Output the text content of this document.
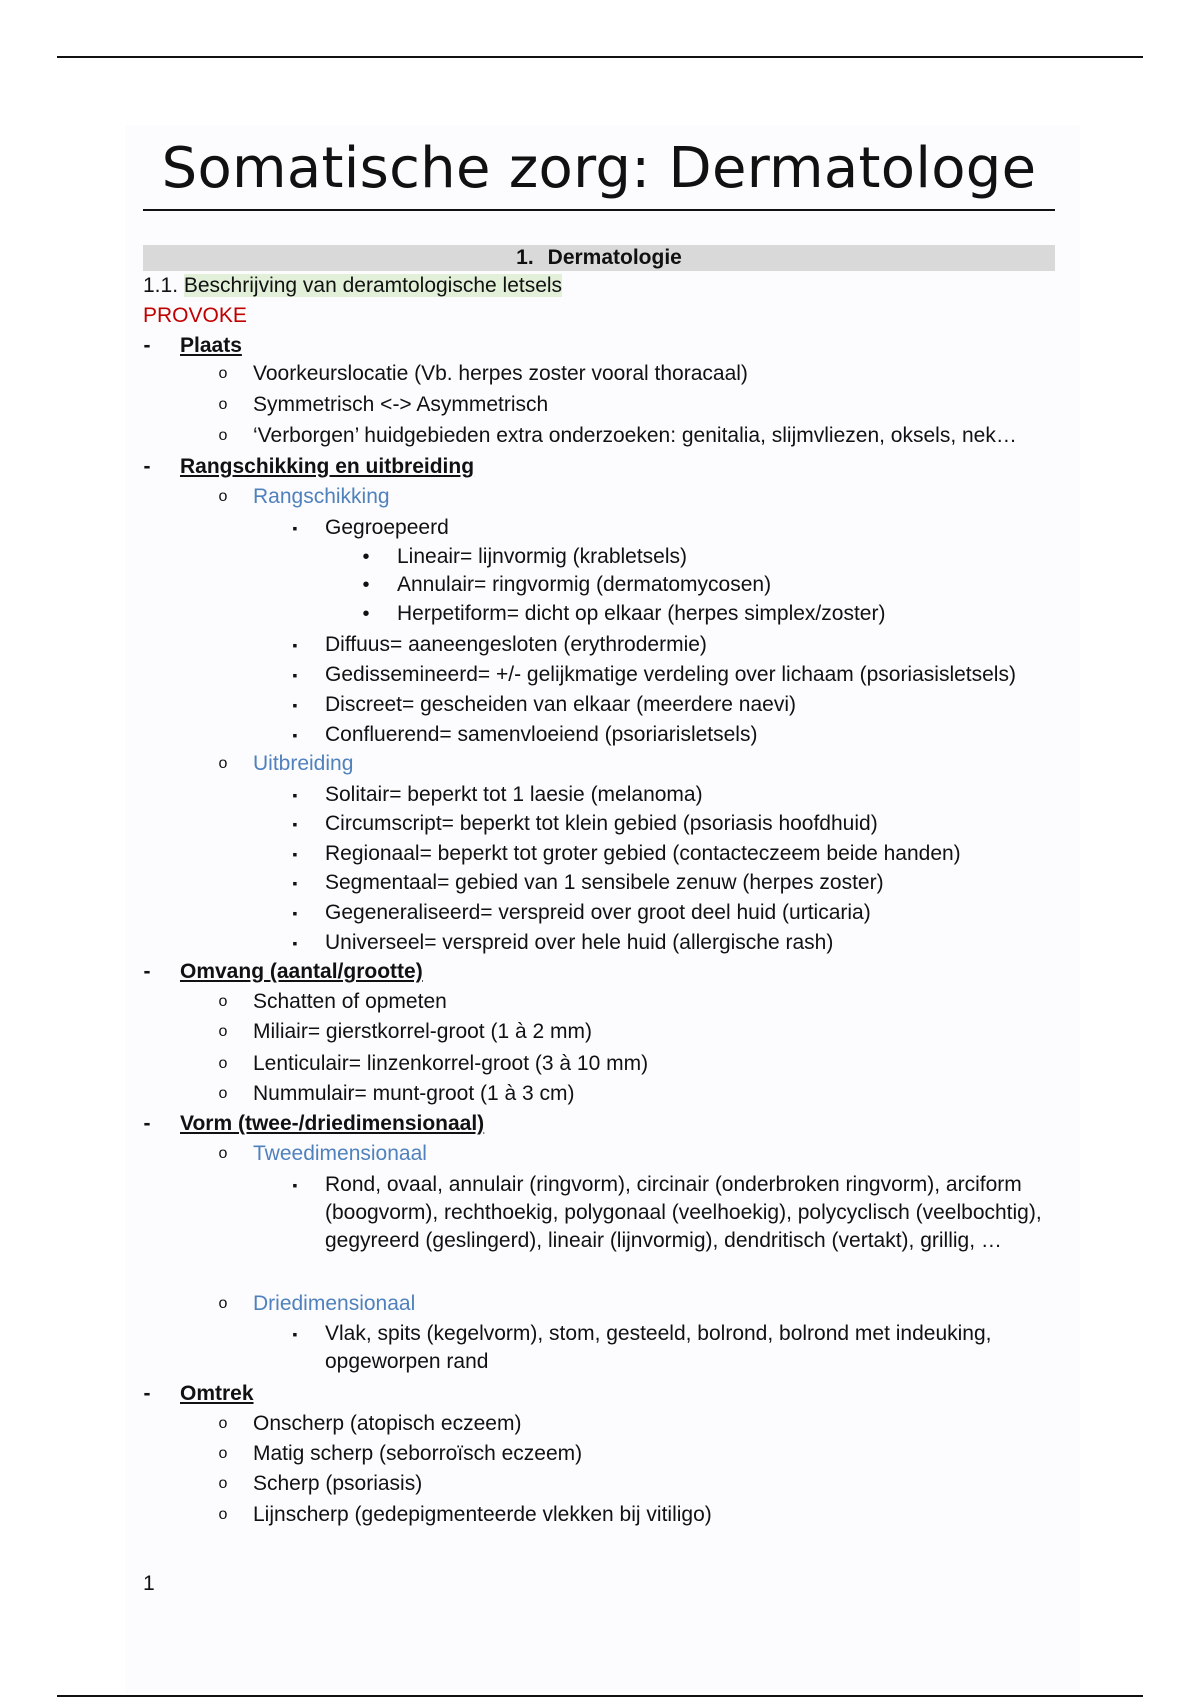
Somatische zorg: Dermatologe
1. Dermatologie
1.1. Beschrijving van deramtologische letsels
PROVOKE
-	Plaats
o Voorkeurslocatie (Vb. herpes zoster vooral thoracaal)
o Symmetrisch <-> Asymmetrisch
o ‘Verborgen’ huidgebieden extra onderzoeken: genitalia, slijmvliezen, oksels, nek…
-	Rangschikking en uitbreiding
o Rangschikking
▪	Gegroepeerd
•	Lineair= lijnvormig (krabletsels)
•	Annulair= ringvormig (dermatomycosen)
•	Herpetiform= dicht op elkaar (herpes simplex/zoster)
▪	Diffuus= aaneengesloten (erythrodermie)
▪	Gedissemineerd= +/- gelijkmatige verdeling over lichaam (psoriasisletsels)
▪	Discreet= gescheiden van elkaar (meerdere naevi)
▪	Confluerend= samenvloeiend (psoriarisletsels)
o Uitbreiding
▪	Solitair= beperkt tot 1 laesie (melanoma)
▪	Circumscript= beperkt tot klein gebied (psoriasis hoofdhuid)
▪	Regionaal= beperkt tot groter gebied (contacteczeem beide handen)
▪	Segmentaal= gebied van 1 sensibele zenuw (herpes zoster)
▪	Gegeneraliseerd= verspreid over groot deel huid (urticaria)
▪	Universeel= verspreid over hele huid (allergische rash)
-	Omvang (aantal/grootte)
o Schatten of opmeten
o Miliair= gierstkorrel-groot (1 à 2 mm)
o Lenticulair= linzenkorrel-groot (3 à 10 mm)
o Nummulair= munt-groot (1 à 3 cm)
-	Vorm (twee-/driedimensionaal)
o Tweedimensionaal
▪	Rond, ovaal, annulair (ringvorm), circinair (onderbroken ringvorm), arciform (boogvorm), rechthoekig, polygonaal (veelhoekig), polycyclisch (veelbochtig), gegyreerd (geslingerd), lineair (lijnvormig), dendritisch (vertakt), grillig, …
o Driedimensionaal
▪	Vlak, spits (kegelvorm), stom, gesteeld, bolrond, bolrond met indeuking, opgeworpen rand
-	Omtrek
o Onscherp (atopisch eczeem)
o Matig scherp (seborroïsch eczeem)
o Scherp (psoriasis)
o Lijnscherp (gedepigmenteerde vlekken bij vitiligo)
1
